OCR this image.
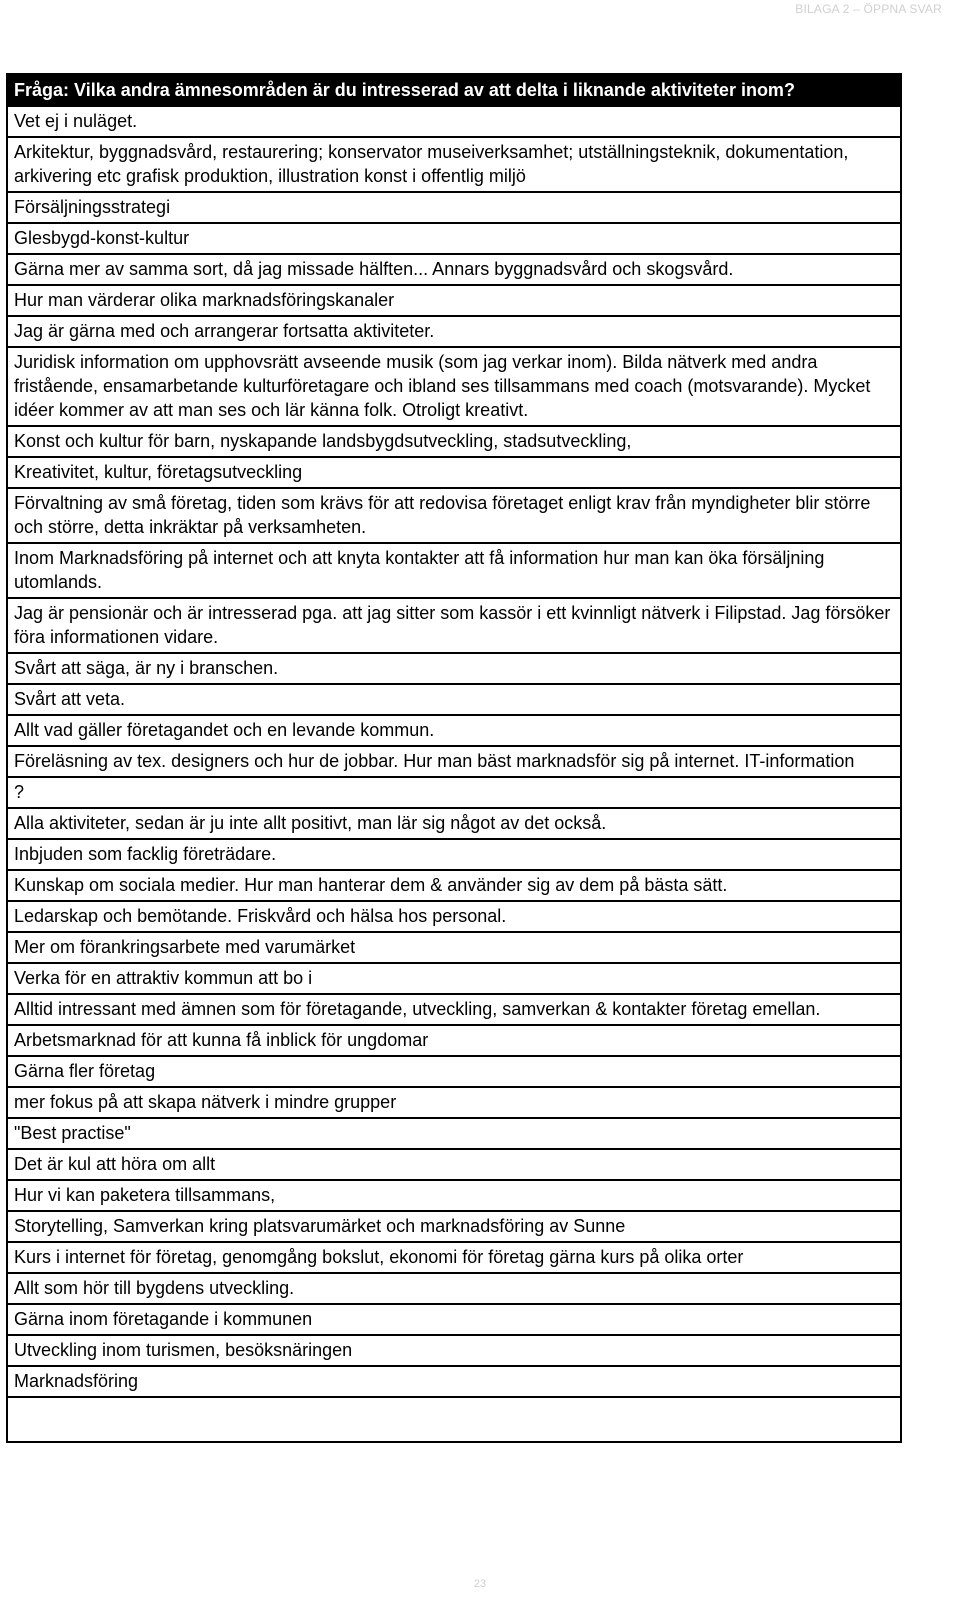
BILAGA 2 – ÖPPNA SVAR
Fråga: Vilka andra ämnesområden är du intresserad av att delta i liknande aktiviteter inom?
Vet ej i nuläget.
Arkitektur, byggnadsvård, restaurering; konservator museiverksamhet; utställningsteknik, dokumentation, arkivering etc grafisk produktion, illustration konst i offentlig miljö
Försäljningsstrategi
Glesbygd-konst-kultur
Gärna mer av samma sort, då jag missade hälften... Annars byggnadsvård och skogsvård.
Hur man värderar olika marknadsföringskanaler
Jag är gärna med och arrangerar fortsatta aktiviteter.
Juridisk information om upphovsrätt avseende musik (som jag verkar inom). Bilda nätverk med andra fristående, ensamarbetande kulturföretagare och ibland ses tillsammans med coach (motsvarande). Mycket idéer kommer av att man ses och lär känna folk. Otroligt kreativt.
Konst och kultur för barn, nyskapande landsbygdsutveckling, stadsutveckling,
Kreativitet, kultur, företagsutveckling
Förvaltning av små företag, tiden som krävs för att redovisa företaget enligt krav från myndigheter blir större och större, detta inkräktar på verksamheten.
Inom Marknadsföring på internet och att knyta kontakter att få information hur man kan öka försäljning utomlands.
Jag är pensionär och är intresserad pga. att jag sitter som kassör i ett kvinnligt nätverk i Filipstad. Jag försöker föra informationen vidare.
Svårt att säga, är ny i branschen.
Svårt att veta.
Allt vad gäller företagandet och en levande kommun.
Föreläsning av tex. designers och hur de jobbar. Hur man bäst marknadsför sig på internet. IT-information
?
Alla aktiviteter, sedan är ju inte allt positivt, man lär sig något av det också.
Inbjuden som facklig företrädare.
Kunskap om sociala medier. Hur man hanterar dem & använder sig av dem på bästa sätt.
Ledarskap och bemötande. Friskvård och hälsa hos personal.
Mer om förankringsarbete med varumärket
Verka för en attraktiv kommun att bo i
Alltid intressant med ämnen som för företagande, utveckling, samverkan & kontakter företag emellan.
Arbetsmarknad för att kunna få inblick för ungdomar
Gärna fler företag
mer fokus på att skapa nätverk i mindre grupper
"Best practise"
Det är kul att höra om allt
Hur vi kan paketera tillsammans,
Storytelling, Samverkan kring platsvarumärket och marknadsföring av Sunne
Kurs i internet för företag, genomgång bokslut, ekonomi för företag gärna kurs på olika orter
Allt som hör till bygdens utveckling.
Gärna inom företagande i kommunen
Utveckling inom turismen, besöksnäringen
Marknadsföring

23
